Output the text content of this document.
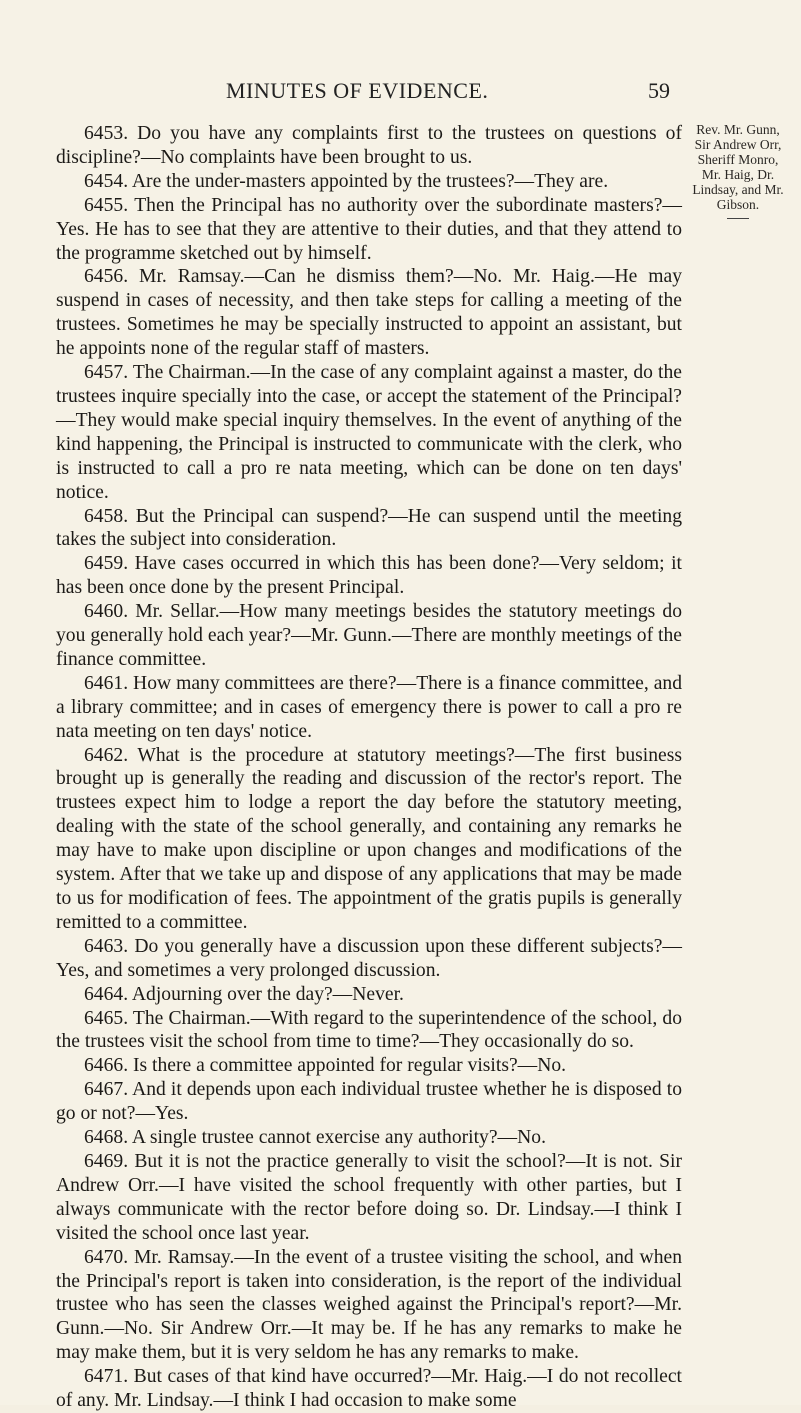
MINUTES OF EVIDENCE.	59

6453. Do you have any complaints first to the trustees on questions of discipline?—No complaints have been brought to us.

6454. Are the under-masters appointed by the trustees?—They are.

6455. Then the Principal has no authority over the subordinate masters?—Yes. He has to see that they are attentive to their duties, and that they attend to the programme sketched out by himself.

6456. Mr. Ramsay.—Can he dismiss them?—No. Mr. Haig.—He may suspend in cases of necessity, and then take steps for calling a meeting of the trustees. Sometimes he may be specially instructed to appoint an assistant, but he appoints none of the regular staff of masters.

6457. The Chairman.—In the case of any complaint against a master, do the trustees inquire specially into the case, or accept the statement of the Principal?—They would make special inquiry themselves. In the event of anything of the kind happening, the Principal is instructed to communicate with the clerk, who is instructed to call a pro re nata meeting, which can be done on ten days' notice.

6458. But the Principal can suspend?—He can suspend until the meeting takes the subject into consideration.

6459. Have cases occurred in which this has been done?—Very seldom; it has been once done by the present Principal.

6460. Mr. Sellar.—How many meetings besides the statutory meetings do you generally hold each year?—Mr. Gunn.—There are monthly meetings of the finance committee.

6461. How many committees are there?—There is a finance committee, and a library committee; and in cases of emergency there is power to call a pro re nata meeting on ten days' notice.

6462. What is the procedure at statutory meetings?—The first business brought up is generally the reading and discussion of the rector's report. The trustees expect him to lodge a report the day before the statutory meeting, dealing with the state of the school generally, and containing any remarks he may have to make upon discipline or upon changes and modifications of the system. After that we take up and dispose of any applications that may be made to us for modification of fees. The appointment of the gratis pupils is generally remitted to a committee.

6463. Do you generally have a discussion upon these different subjects?—Yes, and sometimes a very prolonged discussion.

6464. Adjourning over the day?—Never.

6465. The Chairman.—With regard to the superintendence of the school, do the trustees visit the school from time to time?—They occasionally do so.

6466. Is there a committee appointed for regular visits?—No.

6467. And it depends upon each individual trustee whether he is disposed to go or not?—Yes.

6468. A single trustee cannot exercise any authority?—No.

6469. But it is not the practice generally to visit the school?—It is not. Sir Andrew Orr.—I have visited the school frequently with other parties, but I always communicate with the rector before doing so. Dr. Lindsay.—I think I visited the school once last year.

6470. Mr. Ramsay.—In the event of a trustee visiting the school, and when the Principal's report is taken into consideration, is the report of the individual trustee who has seen the classes weighed against the Principal's report?—Mr. Gunn.—No. Sir Andrew Orr.—It may be. If he has any remarks to make he may make them, but it is very seldom he has any remarks to make.

6471. But cases of that kind have occurred?—Mr. Haig.—I do not recollect of any. Mr. Lindsay.—I think I had occasion to make some

Rev. Mr. Gunn, Sir Andrew Orr, Sheriff Monro, Mr. Haig, Dr. Lindsay, and Mr. Gibson.
